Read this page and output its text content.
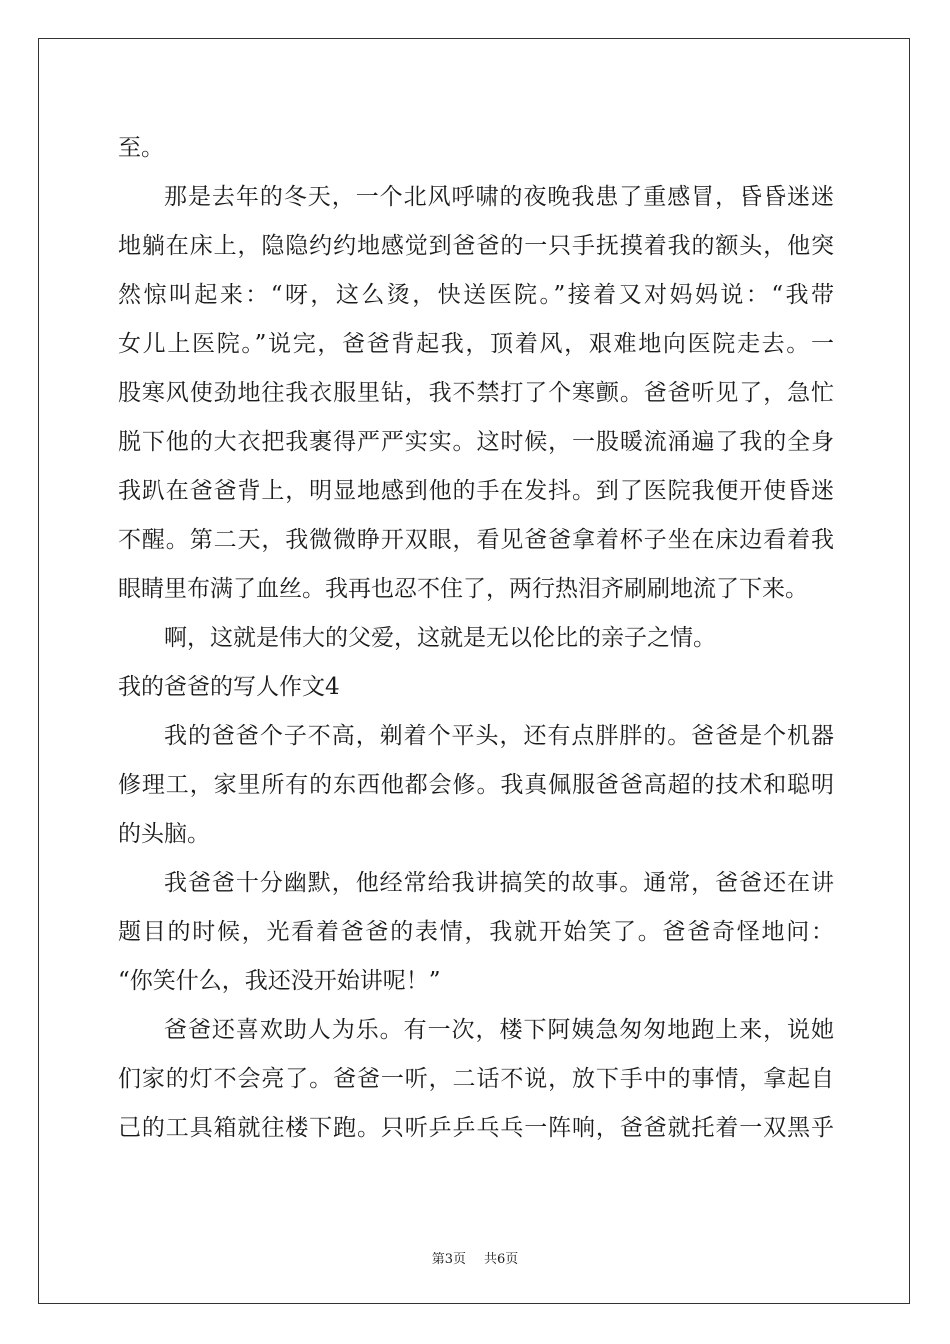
至。
那是去年的冬天，一个北风呼啸的夜晚我患了重感冒，昏昏迷迷
地躺在床上，隐隐约约地感觉到爸爸的一只手抚摸着我的额头，他突
然惊叫起来：“呀，这么烫，快送医院。”接着又对妈妈说：“我带
女儿上医院。”说完，爸爸背起我，顶着风，艰难地向医院走去。一
股寒风使劲地往我衣服里钻，我不禁打了个寒颤。爸爸听见了，急忙
脱下他的大衣把我裹得严严实实。这时候，一股暖流涌遍了我的全身
我趴在爸爸背上，明显地感到他的手在发抖。到了医院我便开使昏迷
不醒。第二天，我微微睁开双眼，看见爸爸拿着杯子坐在床边看着我
眼睛里布满了血丝。我再也忍不住了，两行热泪齐刷刷地流了下来。
啊，这就是伟大的父爱，这就是无以伦比的亲子之情。
我的爸爸的写人作文4
我的爸爸个子不高，剃着个平头，还有点胖胖的。爸爸是个机器
修理工，家里所有的东西他都会修。我真佩服爸爸高超的技术和聪明
的头脑。
我爸爸十分幽默，他经常给我讲搞笑的故事。通常，爸爸还在讲
题目的时候，光看着爸爸的表情，我就开始笑了。爸爸奇怪地问：
“你笑什么，我还没开始讲呢！”
爸爸还喜欢助人为乐。有一次，楼下阿姨急匆匆地跑上来，说她
们家的灯不会亮了。爸爸一听，二话不说，放下手中的事情，拿起自
己的工具箱就往楼下跑。只听乒乒乓乓一阵响，爸爸就托着一双黑乎
第3页 共6页
